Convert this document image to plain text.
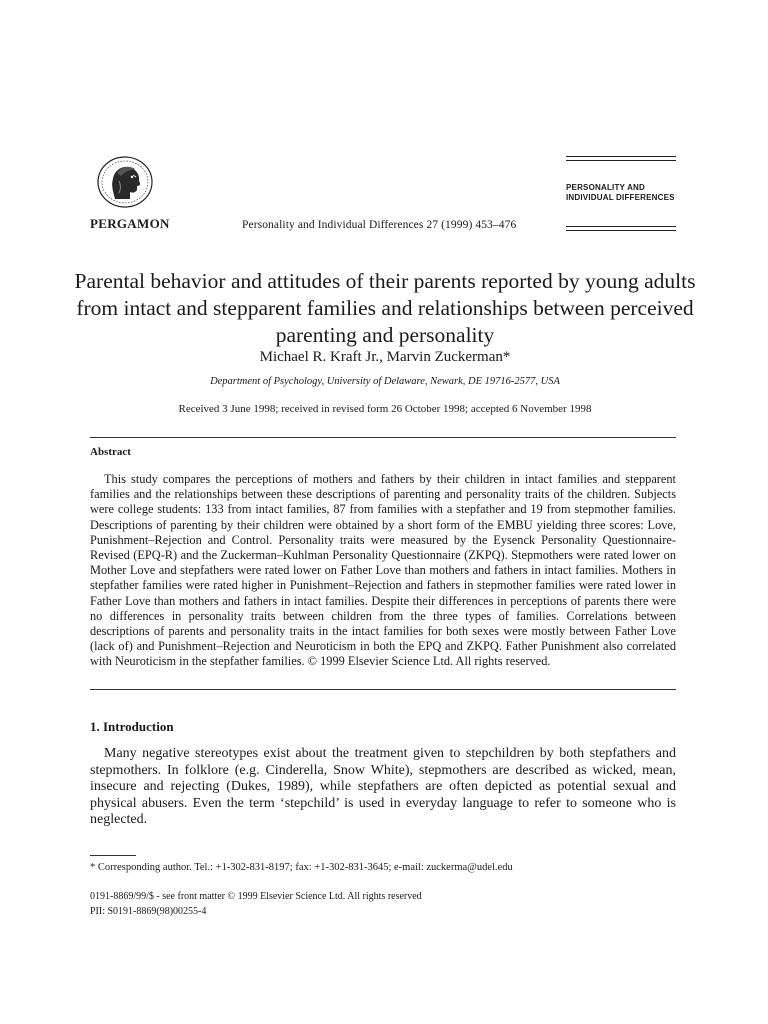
PERGAMON	Personality and Individual Differences 27 (1999) 453–476
PERSONALITY AND
INDIVIDUAL DIFFERENCES
Parental behavior and attitudes of their parents reported by young adults from intact and stepparent families and relationships between perceived parenting and personality
Michael R. Kraft Jr., Marvin Zuckerman*
Department of Psychology, University of Delaware, Newark, DE 19716-2577, USA
Received 3 June 1998; received in revised form 26 October 1998; accepted 6 November 1998
Abstract
This study compares the perceptions of mothers and fathers by their children in intact families and stepparent families and the relationships between these descriptions of parenting and personality traits of the children. Subjects were college students: 133 from intact families, 87 from families with a stepfather and 19 from stepmother families. Descriptions of parenting by their children were obtained by a short form of the EMBU yielding three scores: Love, Punishment–Rejection and Control. Personality traits were measured by the Eysenck Personality Questionnaire-Revised (EPQ-R) and the Zuckerman–Kuhlman Personality Questionnaire (ZKPQ). Stepmothers were rated lower on Mother Love and stepfathers were rated lower on Father Love than mothers and fathers in intact families. Mothers in stepfather families were rated higher in Punishment–Rejection and fathers in stepmother families were rated lower in Father Love than mothers and fathers in intact families. Despite their differences in perceptions of parents there were no differences in personality traits between children from the three types of families. Correlations between descriptions of parents and personality traits in the intact families for both sexes were mostly between Father Love (lack of) and Punishment–Rejection and Neuroticism in both the EPQ and ZKPQ. Father Punishment also correlated with Neuroticism in the stepfather families. © 1999 Elsevier Science Ltd. All rights reserved.
1. Introduction
Many negative stereotypes exist about the treatment given to stepchildren by both stepfathers and stepmothers. In folklore (e.g. Cinderella, Snow White), stepmothers are described as wicked, mean, insecure and rejecting (Dukes, 1989), while stepfathers are often depicted as potential sexual and physical abusers. Even the term ‘stepchild’ is used in everyday language to refer to someone who is neglected.
* Corresponding author. Tel.: +1-302-831-8197; fax: +1-302-831-3645; e-mail: zuckerma@udel.edu
0191-8869/99/$ - see front matter © 1999 Elsevier Science Ltd. All rights reserved
PII: S0191-8869(98)00255-4
